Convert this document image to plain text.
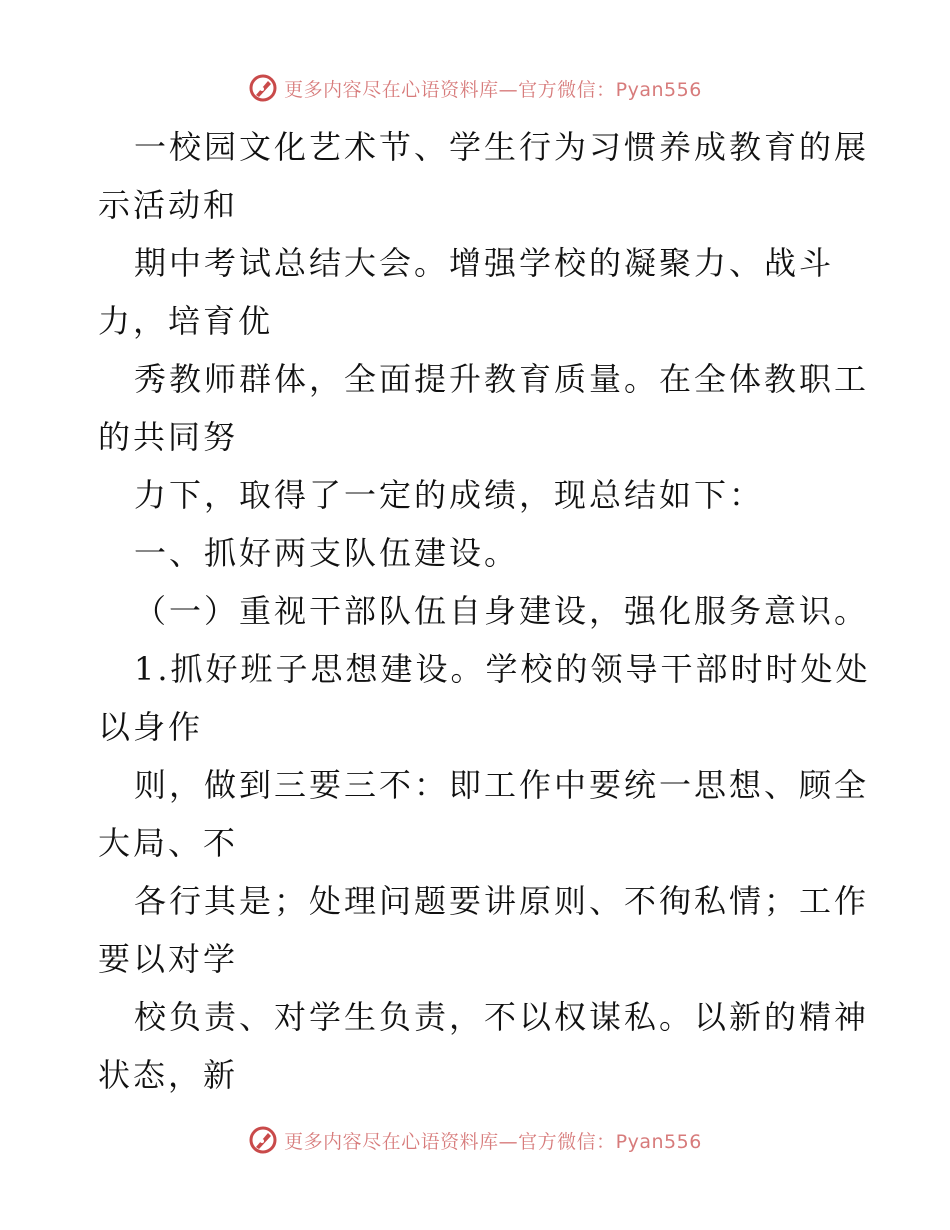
更多内容尽在心语资料库—官方微信：Pyan556
一校园文化艺术节、学生行为习惯养成教育的展
示活动和
期中考试总结大会。增强学校的凝聚力、战斗
力，培育优
秀教师群体，全面提升教育质量。在全体教职工
的共同努
力下，取得了一定的成绩，现总结如下：
一、抓好两支队伍建设。
（一）重视干部队伍自身建设，强化服务意识。
1.抓好班子思想建设。学校的领导干部时时处处
以身作
则，做到三要三不：即工作中要统一思想、顾全
大局、不
各行其是；处理问题要讲原则、不徇私情；工作
要以对学
校负责、对学生负责，不以权谋私。以新的精神
状态，新
更多内容尽在心语资料库—官方微信：Pyan556
